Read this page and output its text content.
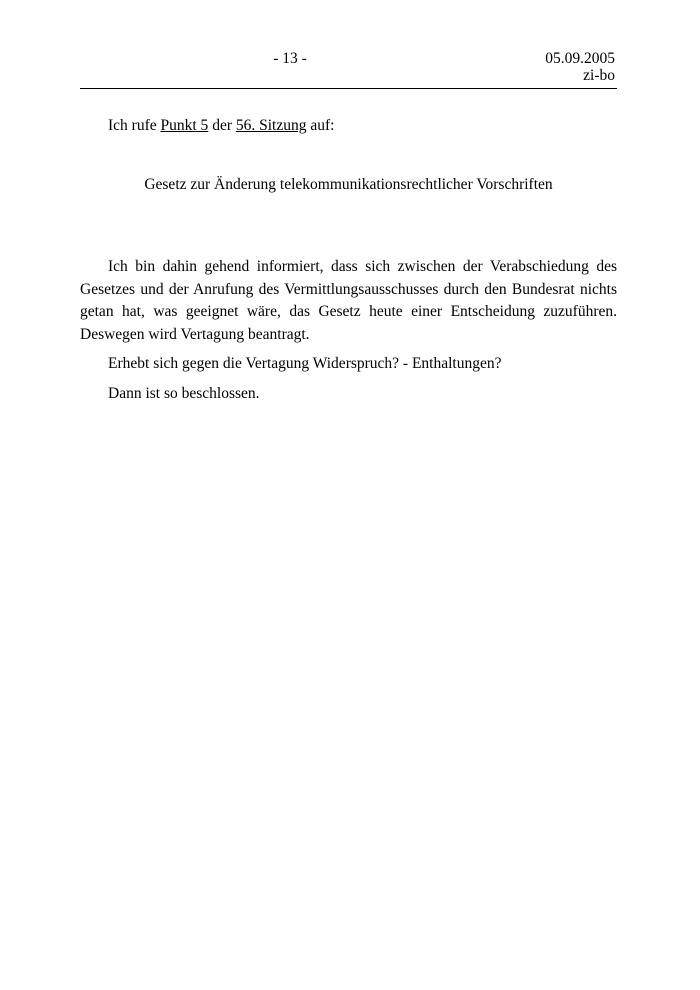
- 13 -	05.09.2005
zi-bo

Ich rufe Punkt 5 der 56. Sitzung auf:

Gesetz zur Änderung telekommunikationsrechtlicher Vorschriften

Ich bin dahin gehend informiert, dass sich zwischen der Verabschiedung des Gesetzes und der Anrufung des Vermittlungsausschusses durch den Bundesrat nichts getan hat, was geeignet wäre, das Gesetz heute einer Entscheidung zuzuführen. Deswegen wird Vertagung beantragt.

Erhebt sich gegen die Vertagung Widerspruch? - Enthaltungen?

Dann ist so beschlossen.
